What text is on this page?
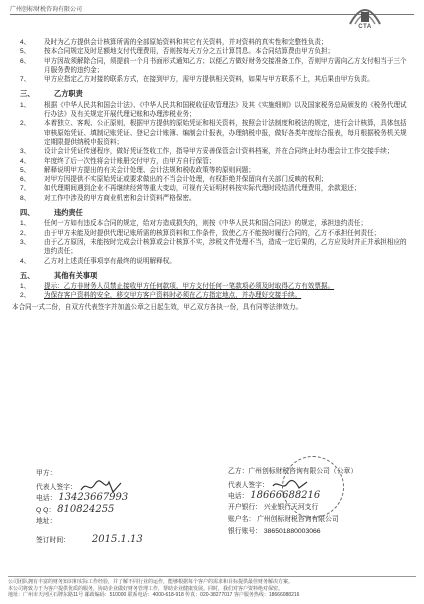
广州创标财税咨询有限公司
CTA
4、	及时为乙方提供会计核算所需的全部原始资料和其它有关资料，并对资料的真实性和完整性负责；
5、	按本合同规定及时足额地支付代理费用，否则按每天万分之五计算罚息。本合同结算费由甲方负担；
6、	甲方因故须解除合同，须提前一个月书面形式通知乙方；以便乙方做好财务交接准备工作，否则甲方需向乙方支付相当于三个月服务费的违约金；
7、	甲方应指定乙方对接的联系方式，在接到甲方，需甲方提供相关资料，如果与甲方联系不上，其后果由甲方负责。
三、	乙方职责
1、	根据《中华人民共和国会计法》、《中华人民共和国税收征收管理法》及其《实施细则》以及国家税务总局颁发的《税务代理试行办法》及有关规定开展代理记账和办理涉税业务；
2、	本着独立、客观、公正原则，根据甲方提供的原始凭证和相关资料，按照会计法制度和税法的规定，进行会计核算，具体包括审核原始凭证、填制记账凭证、登记会计账簿、编制会计报表，办理纳税申报，做好各类年度综合报表，每月根据税务机关规定期限提供纳税申报资料；
3、	设计会计凭证传递程序，做好凭证签收工作，指导甲方妥善保管会计资料档案，并在合同终止时办理会计工作交接手续；
4、	年度终了后一次性将会计账册交付甲方，由甲方自行保管；
5、	解释说明甲方提出的有关会计处理、会计法规和税收政策等的原则问题；
6、	对甲方因提供不实原始凭证或要求做出的不当会计处理，有权拒绝并保留向有关部门反映的权利；
7、	如代理期间遇到企业不再继续经营等重大变动，可视有关证明材料按实际代理时段结清代理费用，余款退还；
8、	对工作中涉及的甲方商业机密和会计资料严格保密。
四、	违约责任
1、	任何一方如有违反本合同的规定，给对方造成损失的，则按《中华人民共和国合同法》的规定，承担违约责任；
2、	由于甲方未能及时提供代理记账所需的核算资料和工作条件，致使乙方不能按时履行合同的，乙方不承担任何责任；
3、	由于乙方原因，未能按时完成会计核算或会计核算不实，涉税文件处理不当，造成一定后果的，乙方应及时并正并承担相应的违约责任；
4、	乙方对上述责任事项享有最终的说明解释权。
五、	其他有关事项
1、	提示：乙方非财务人员禁止接收甲方任何款项，甲方支付任何一笔款项必须及时取得乙方有效票据。
2、	为保存客户资料的安全，移交甲方客户资料时必须在乙方指定地点，并办理好交接手续。
本合同一式二份，自双方代表签字并加盖公章之日起生效，甲乙双方各执一份，具有同等法律效力。
甲方：
代表人签字：
电话： 13423667993
Q Q： 810824255
地址：
签订时间： 2015.1.13
乙方：广州创标财税咨询有限公司（公章）
代表人签字：
电话： 18666688216
开户银行： 兴业银行天河支行
账户名： 广州创标财税咨询有限公司
银行账号： 386501880003066
公司团队拥有丰富的财务知识和实际工作经验，并了解不同行业的运作，能够根据每个客户的需求和目标提供最佳财务解决方案。
本公司将致力于为客户提供优质的服务，协助企业做好财务管理工作，帮助企业健康发展。同时，我们对客户资料绝对保密。
地址：广州市天河区石牌东路11号 邮政编码：510000 联系电话：4000-618-918 传真：020-38277017 客户服务热线：18666088216
